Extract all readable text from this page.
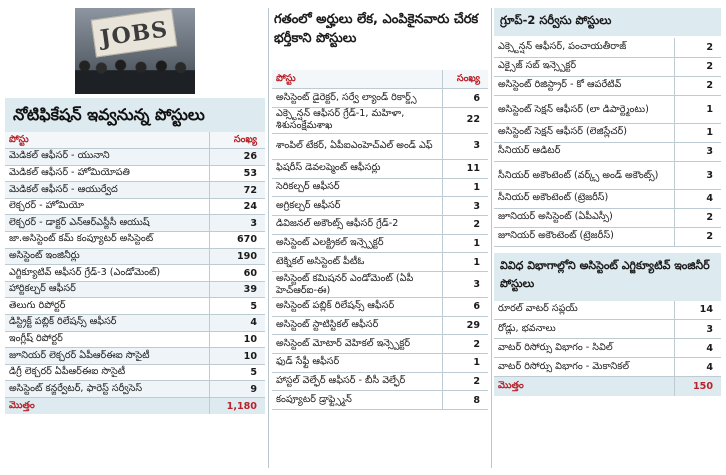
JOBS
నోటిఫికేషన్ ఇవ్వనున్న పోస్టులు
పోస్టు	సంఖ్య
మెడికల్ ఆఫీసర్ - యునాని	26
మెడికల్ ఆఫీసర్ - హోమియోపతి	53
మెడికల్ ఆఫీసర్ - ఆయుర్వేద	72
లెక్చరర్ - హోమియో	24
లెక్చరర్ - డాక్టర్ ఎన్ఆర్ఎస్జీసీ ఆయుష్	3
జా.అసిస్టెంట్ కమ్ కంప్యూటర్ అసిస్టెంట్	670
అసిస్టెంట్ ఇంజినీర్లు	190
ఎగ్జిక్యూటివ్ ఆఫీసర్ గ్రేడ్-3 (ఎండోమెంట్)	60
హార్టికల్చర్ ఆఫీసర్	39
తెలుగు రిపోర్టర్	5
డిస్ట్రిక్ట్ పబ్లిక్ రిలేషన్స్ ఆఫీసర్	4
ఇంగ్లీష్ రిపోర్టర్	10
జూనియర్ లెక్చరర్ ఏపీఆర్ఈఐ సొసైటీ	10
డిగ్రీ లెక్చరర్ ఏపీఆర్ఈఐ సొసైటీ	5
అసిస్టెంట్ కన్జర్వేటర్, ఫారెస్ట్ సర్వీసెస్	9
మొత్తం	1,180
గతంలో అర్హులు లేక, ఎంపికైనవారు చేరక భర్తీకాని పోస్టులు
పోస్టు	సంఖ్య
అసిస్టెంట్ డైరెక్టర్, సర్వే ల్యాండ్ రికార్డ్స్	6
ఎక్స్టెన్షన్ ఆఫీసర్ గ్రేడ్-1, మహిళా, శిశుసంక్షేమశాఖ	22
శాంపిల్ టేకర్, ఏపీఐఎంహెచ్ఎల్ అండ్ ఎఫ్	3
ఫిషరీస్ డెవలప్మెంట్ ఆఫీసర్లు	11
సెరికల్చర్ ఆఫీసర్	1
అగ్రికల్చర్ ఆఫీసర్	3
డివిజనల్ అకౌంట్స్ ఆఫీసర్ గ్రేడ్-2	2
అసిస్టెంట్ ఎలక్ట్రికల్ ఇన్స్పెక్టర్	1
టెక్నికల్ అసిస్టెంట్ పీటీఓ	1
అసిస్టెంట్ కమిషనర్ ఎండోమెంట్ (ఏపీ హెచ్ఆర్ఐ-ఈ)	3
అసిస్టెంట్ పబ్లిక్ రిలేషన్స్ ఆఫీసర్	6
అసిస్టెంట్ స్టాటిస్టికల్ ఆఫీసర్	29
అసిస్టెంట్ మోటార్ వెహికల్ ఇన్స్పెక్టర్	2
ఫుడ్ సేఫ్టీ ఆఫీసర్	1
హాస్టల్ వెల్ఫేర్ ఆఫీసర్ - బీసీ వెల్ఫేర్	2
కంప్యూటర్ డ్రాఫ్ట్స్మెన్	8
గ్రూప్-2 సర్వీసు పోస్టులు
ఎక్స్టెన్షన్ ఆఫీసర్, పంచాయతీరాజ్	2
ఎక్సైజ్ సబ్ ఇన్స్పెక్టర్	2
అసిస్టెంట్ రిజిస్ట్రార్ - కో ఆపరేటివ్	2
అసిస్టెంట్ సెక్షన్ ఆఫీసర్ (లా డిపార్ట్మెంటు)	1
అసిస్టెంట్ సెక్షన్ ఆఫీసర్ (లెజిస్లేచర్)	1
సీనియర్ ఆడిటర్	3
సీనియర్ అకౌంటెంట్ (వర్క్స్ అండ్ అకౌంట్స్)	3
సీనియర్ అకౌంటెంట్ (ట్రెజరీస్)	4
జూనియర్ అసిస్టెంట్ (ఏపీఎస్సీ)	2
జూనియర్ అకౌంటెంట్ (ట్రెజరీస్)	2
వివిధ విభాగాల్లోని అసిస్టెంట్ ఎగ్జిక్యూటివ్ ఇంజినీర్ పోస్టులు
రూరల్ వాటర్ సప్లయ్	14
రోడ్లు, భవనాలు	3
వాటర్ రిసోర్సు విభాగం - సివిల్	4
వాటర్ రిసోర్సు విభాగం - మెకానికల్	4
మొత్తం	150
